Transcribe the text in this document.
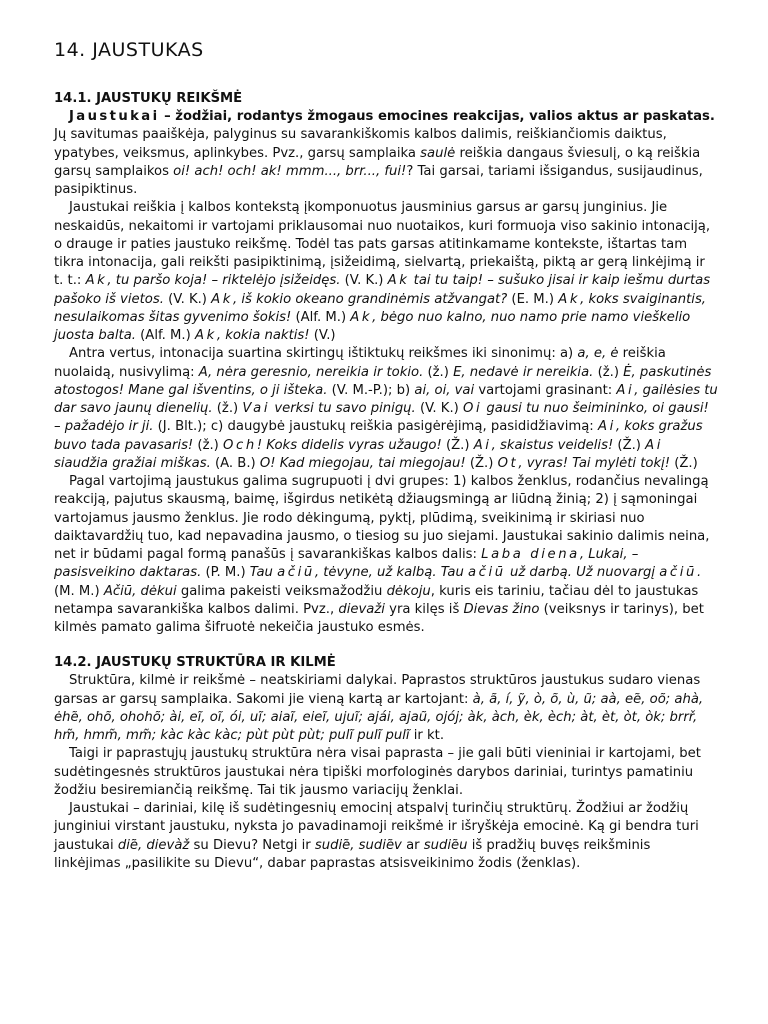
14. JAUSTUKAS
14.1. JAUSTUKŲ REIKŠMĖ

Jaustukai – žodžiai, rodantys žmogaus emocines reakcijas, valios aktus ar paskatas. Jų savitumas paaiškėja, palyginus su savarankiškomis kalbos dalimis, reiškiančiomis daiktus, ypatybes, veiksmus, aplinkybes. Pvz., garsų samplaika saulė reiškia dangaus šviesulį, o ką reiškia garsų samplaikos oi! ach! och! ak! mmm..., brr..., fui!? Tai garsai, tariami išsigandus, susijaudinus, pasipiktinus.

Jaustukai reiškia į kalbos kontekstą įkomponuotus jausminius garsus ar garsų junginius. Jie neskaidūs, nekaitomi ir vartojami priklausomai nuo nuotaikos, kuri formuoja viso sakinio intonaciją, o drauge ir paties jaustuko reikšmę. Todėl tas pats garsas atitinkamame kontekste, ištartas tam tikra intonacija, gali reikšti pasipiktinimą, įsižeidimą, sielvartą, priekaištą, piktą ar gerą linkėjimą ir t. t.: Ak, tu paršo koja! – riktelėjo įsižeidęs. (V. K.) Ak tai tu taip! – sušuko jisai ir kaip iešmu durtas pašoko iš vietos. (V. K.) Ak, iš kokio okeano grandinėmis atžvangat? (E. M.) Ak, koks svaiginantis, nesulaikomas šitas gyvenimo šokis! (Alf. M.) Ak, bėgo nuo kalno, nuo namo prie namo vieškelio juosta balta. (Alf. M.) Ak, kokia naktis! (V.)

Antra vertus, intonacija suartina skirtingų ištiktukų reikšmes iki sinonimų: a) a, e, ė reiškia nuolaidą, nusivylimą: A, nėra geresnio, nereikia ir tokio. (ž.) E, nedavė ir nereikia. (ž.) Ė, paskutinės atostogos! Mane gal išventins, o ji išteka. (V. M.-P.); b) ai, oi, vai vartojami grasinant: Ai, gailėsies tu dar savo jaunų dienelių. (ž.) Vai verksi tu savo pinigų. (V. K.) Oi gausi tu nuo šeimininko, oi gausi! – pažadėjo ir ji. (J. Blt.); c) daugybė jaustukų reiškia pasigėrėjimą, pasididžiavimą: Ai, koks gražus buvo tada pavasaris! (ž.) Och! Koks didelis vyras užaugo! (Ž.) Ai, skaistus veidelis! (Ž.) Ai siaudžia gražiai miškas. (A. B.) O! Kad miegojau, tai miegojau! (Ž.) Ot, vyras! Tai mylėti tokį! (Ž.)

Pagal vartojimą jaustukus galima sugrupuoti į dvi grupes: 1) kalbos ženklus, rodančius nevalingą reakciją, pajutus skausmą, baimę, išgirdus netikėtą džiaugsmingą ar liūdną žinią; 2) į sąmoningai vartojamus jausmo ženklus. Jie rodo dėkingumą, pyktį, plūdimą, sveikinimą ir skiriasi nuo daiktavardžių tuo, kad nepavadina jausmo, o tiesiog su juo siejami. Jaustukai sakinio dalimis neina, net ir būdami pagal formą panašūs į savarankiškas kalbos dalis: Laba diena, Lukai, – pasisveikino daktaras. (P. M.) Tau ačiū, tėvyne, už kalbą. Tau ačiū už darbą. Už nuovargį ačiū. (M. M.) Ačiū, dėkui galima pakeisti veiksmažodžiu dėkoju, kuris eis tariniu, tačiau dėl to jaustukas netampa savarankiška kalbos dalimi. Pvz., dievaži yra kilęs iš Dievas žino (veiksnys ir tarinys), bet kilmės pamato galima šifruotė nekeičia jaustuko esmės.

14.2. JAUSTUKŲ STRUKTŪRA IR KILMĖ

Struktūra, kilmė ir reikšmė – neatskiriami dalykai. Paprastos struktūros jaustukus sudaro vienas garsas ar garsų samplaika. Sakomi jie vieną kartą ar kartojant: à, ã, í, ỹ, ò, õ, ù, ũ; aà, eẽ, oõ; ahà, ėhẽ, ohõ, ohohõ; ài, eĩ, oĩ, ói, uĩ; aiaĩ, eieĩ, ujuĩ; ajái, ajaũ, ojój; àk, àch, èk, èch; àt, èt, òt, òk; brrř, hm̃, hmm̃, mm̃; kàc kàc kàc; pùt pùt pùt; pulĩ pulĩ pulĩ ir kt.

Taigi ir paprastųjų jaustukų struktūra nėra visai paprasta – jie gali būti vieniniai ir kartojami, bet sudėtingesnės struktūros jaustukai nėra tipiški morfologinės darybos dariniai, turintys pamatiniu žodžiu besiremiančią reikšmę. Tai tik jausmo variacijų ženklai.

Jaustukai – dariniai, kilę iš sudėtingesnių emocinį atspalvį turinčių struktūrų. Žodžiui ar žodžių junginiui virstant jaustuku, nyksta jo pavadinamoji reikšmė ir išryškėja emocinė. Ką gi bendra turi jaustukai diẽ, dievàž su Dievu? Netgi ir sudiẽ, sudiẽv ar sudiẽu iš pradžių buvęs reikšminis linkėjimas „pasilikite su Dievu“, dabar paprastas atsisveikinimo žodis (ženklas).
